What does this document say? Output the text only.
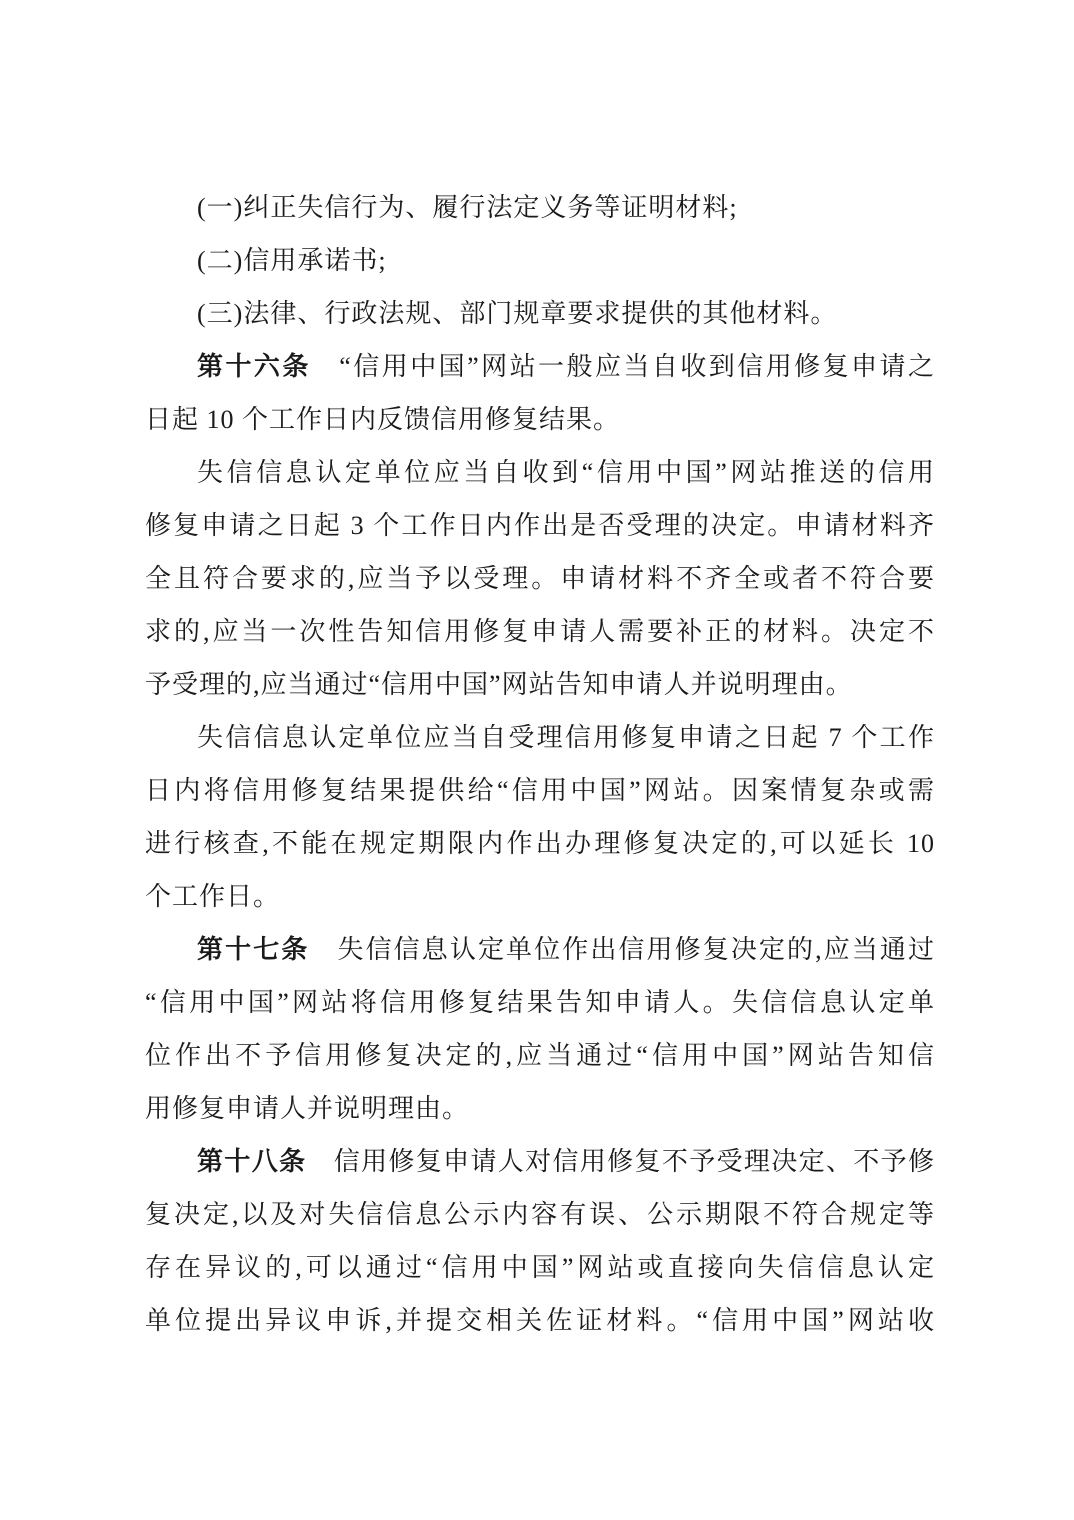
(一)纠正失信行为、履行法定义务等证明材料;
(二)信用承诺书;
(三)法律、行政法规、部门规章要求提供的其他材料。
第十六条　“信用中国”网站一般应当自收到信用修复申请之
日起 10 个工作日内反馈信用修复结果。
失信信息认定单位应当自收到“信用中国”网站推送的信用
修复申请之日起 3 个工作日内作出是否受理的决定。申请材料齐
全且符合要求的,应当予以受理。申请材料不齐全或者不符合要
求的,应当一次性告知信用修复申请人需要补正的材料。决定不
予受理的,应当通过“信用中国”网站告知申请人并说明理由。
失信信息认定单位应当自受理信用修复申请之日起 7 个工作
日内将信用修复结果提供给“信用中国”网站。因案情复杂或需
进行核查,不能在规定期限内作出办理修复决定的,可以延长 10
个工作日。
第十七条　失信信息认定单位作出信用修复决定的,应当通过
“信用中国”网站将信用修复结果告知申请人。失信信息认定单
位作出不予信用修复决定的,应当通过“信用中国”网站告知信
用修复申请人并说明理由。
第十八条　信用修复申请人对信用修复不予受理决定、不予修
复决定,以及对失信信息公示内容有误、公示期限不符合规定等
存在异议的,可以通过“信用中国”网站或直接向失信信息认定
单位提出异议申诉,并提交相关佐证材料。“信用中国”网站收
